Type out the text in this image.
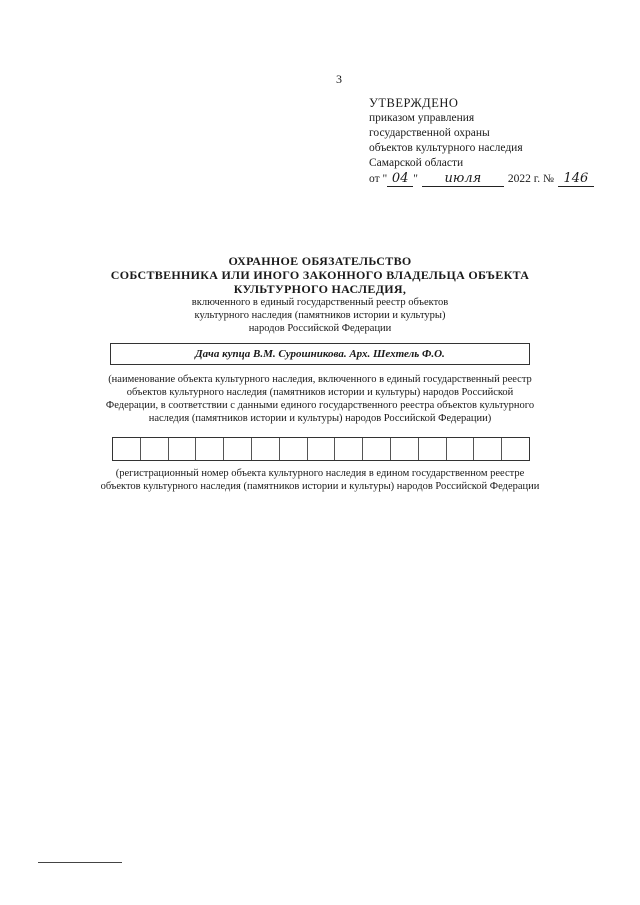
3
УТВЕРЖДЕНО
приказом управления
государственной охраны
объектов культурного наследия
Самарской области
от " 04 "	июля	2022 г. № 146
ОХРАННОЕ ОБЯЗАТЕЛЬСТВО
СОБСТВЕННИКА ИЛИ ИНОГО ЗАКОННОГО ВЛАДЕЛЬЦА ОБЪЕКТА
КУЛЬТУРНОГО НАСЛЕДИЯ,
включенного в единый государственный реестр объектов
культурного наследия (памятников истории и культуры)
народов Российской Федерации
Дача купца В.М. Сурошникова. Арх. Шехтель Ф.О.
(наименование объекта культурного наследия, включенного в единый государственный реестр объектов культурного наследия (памятников истории и культуры) народов Российской Федерации, в соответствии с данными единого государственного реестра объектов культурного наследия (памятников истории и культуры) народов Российской Федерации)
(регистрационный номер объекта культурного наследия в едином государственном реестре объектов культурного наследия (памятников истории и культуры) народов Российской Федерации
